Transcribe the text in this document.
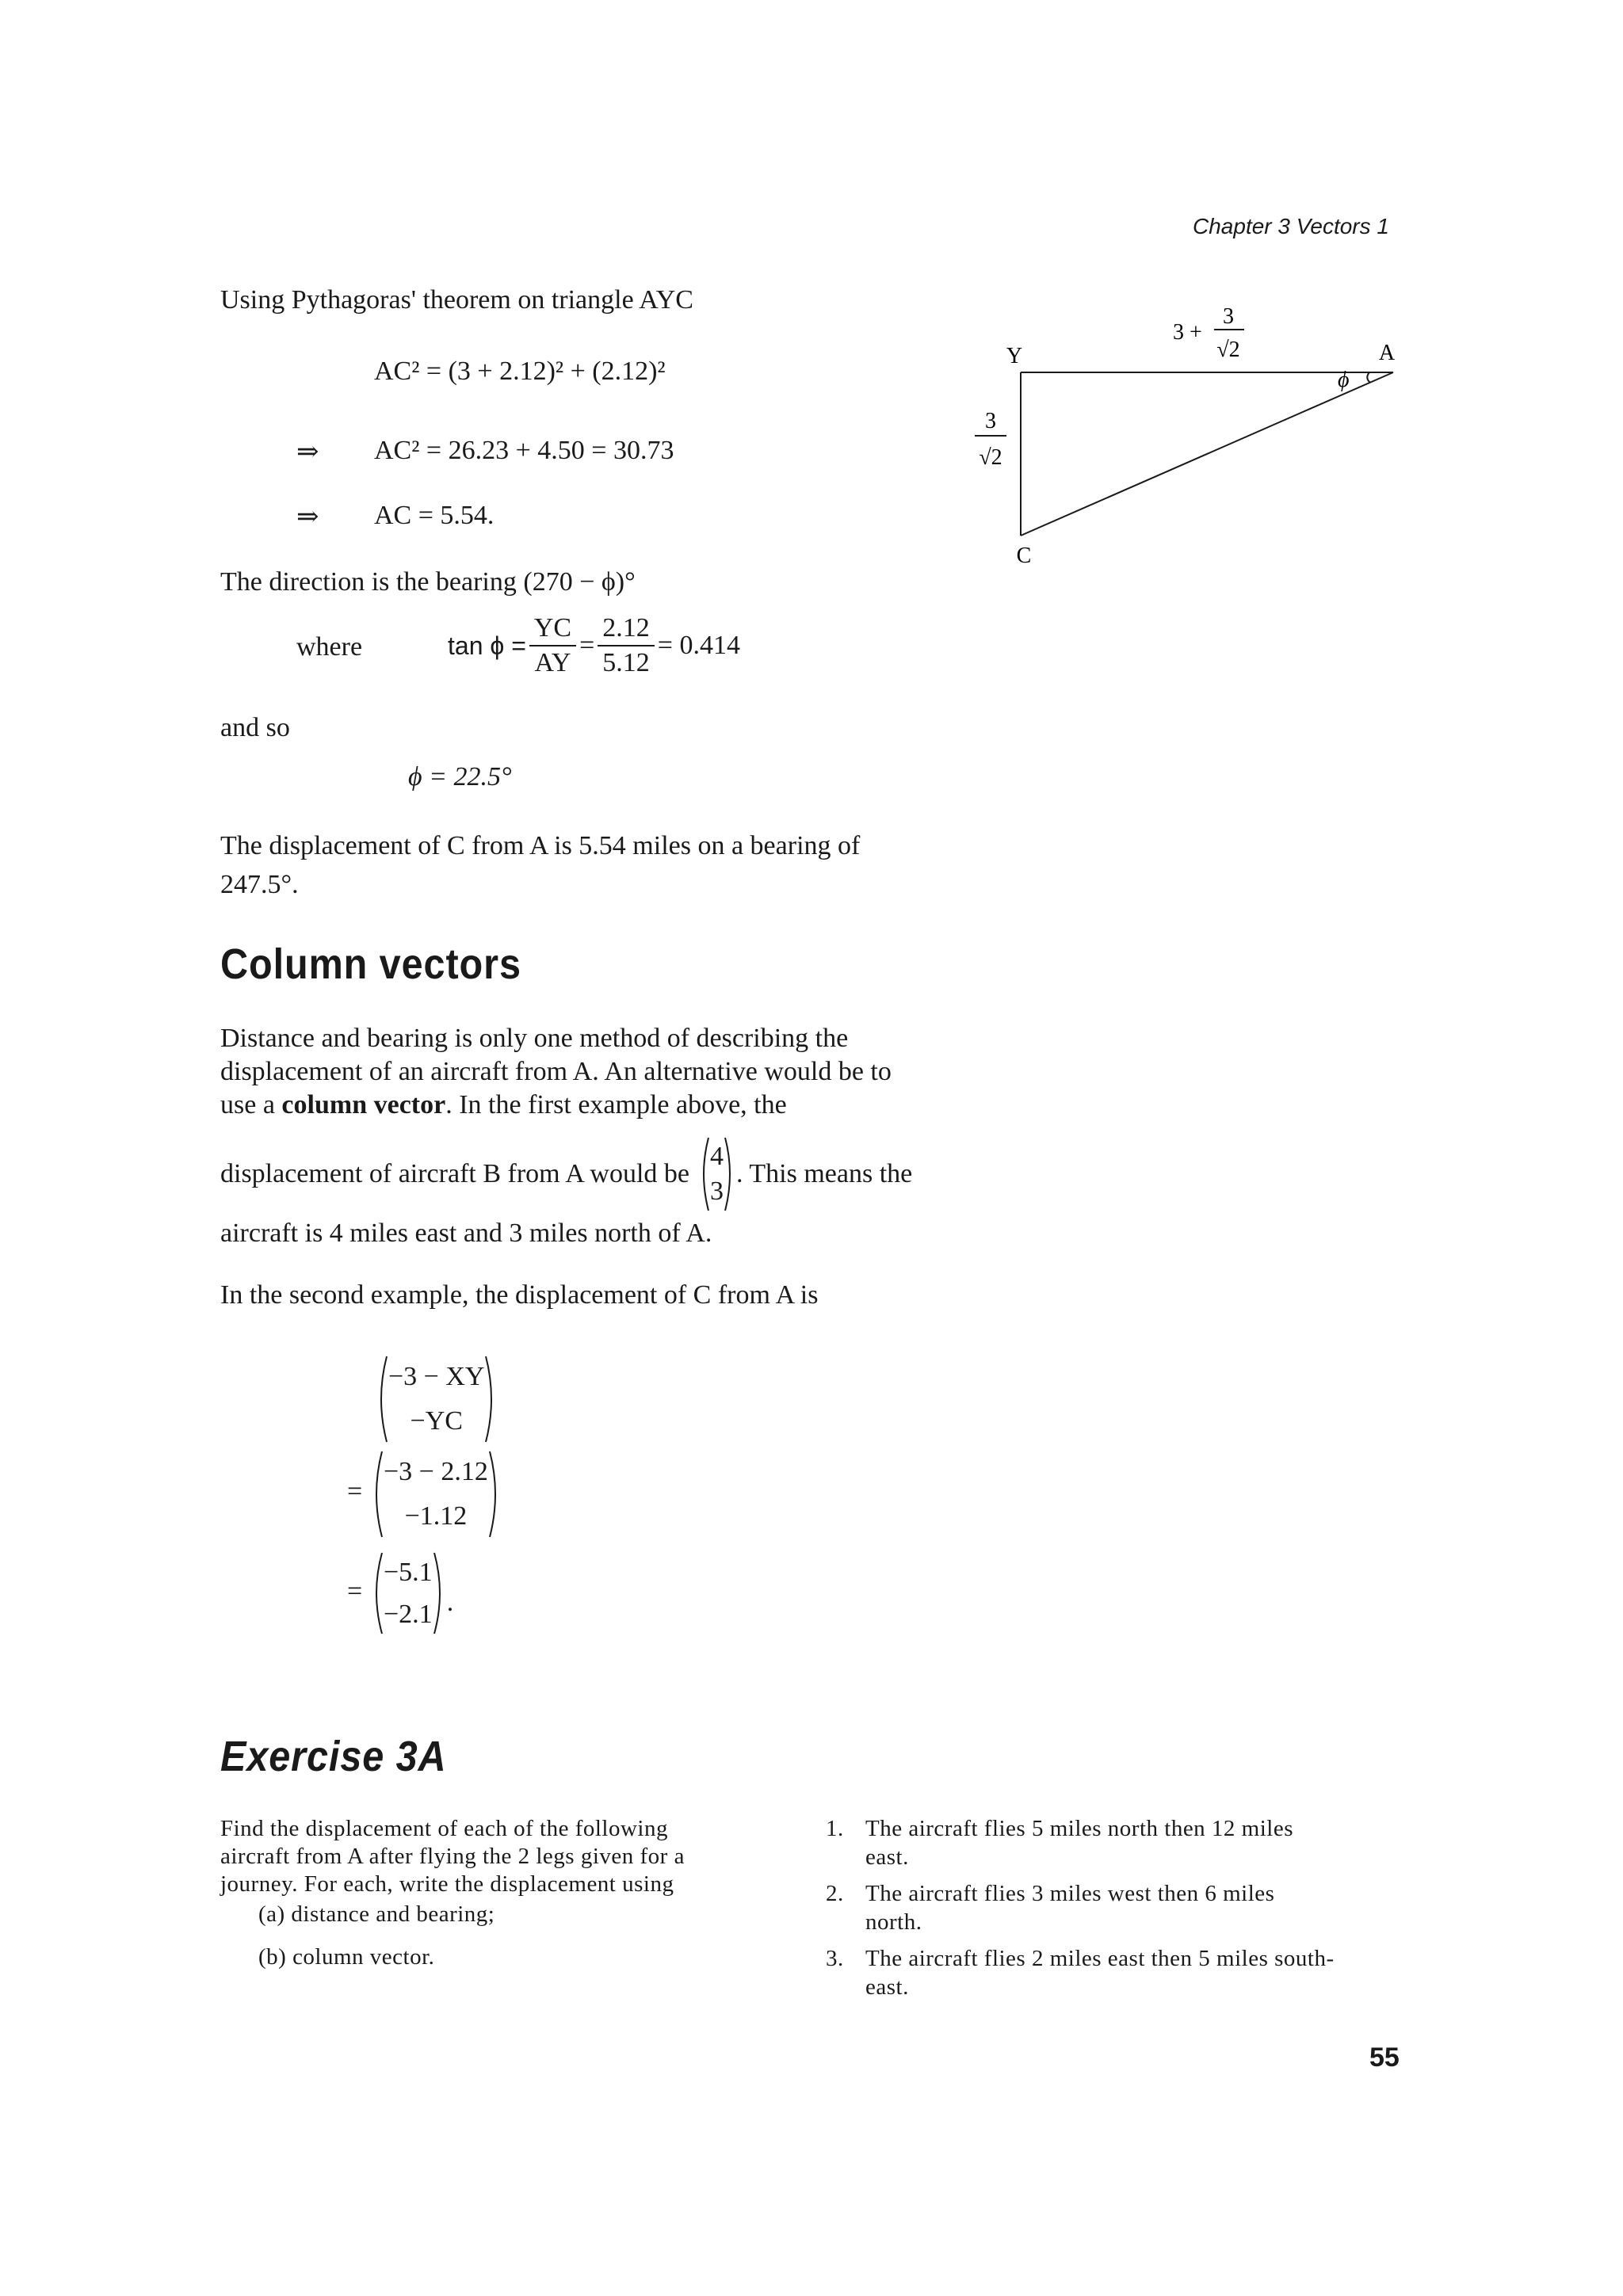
Chapter 3 Vectors 1
Using Pythagoras' theorem on triangle AYC
AC² = (3 + 2.12)² + (2.12)²
⇒ AC² = 26.23 + 4.50 = 30.73
⇒ AC = 5.54.
The direction is the bearing (270 − ϕ)°
where	$\tan \phi = \frac{YC}{AY} = \frac{2.12}{5.12} = 0.414$
and so
ϕ = 22.5°
The displacement of C from A is 5.54 miles on a bearing of
247.5°.
Column vectors
Distance and bearing is only one method of describing the
displacement of an aircraft from A. An alternative would be to
use a column vector. In the first example above, the
displacement of aircraft B from A would be
4
3
. This means the
aircraft is 4 miles east and 3 miles north of A.
In the second example, the displacement of C from A is
−3 − XY
−YC
=
−3 − 2.12
−1.12
=
−5.1
−2.1 .
Y	A
C
ϕ
3 +
3
√2
3
√2
Exercise 3A
Find the displacement of each of the following
aircraft from A after flying the 2 legs given for a
journey. For each, write the displacement using
(a) distance and bearing;
(b) column vector.
1. The aircraft flies 5 miles north then 12 miles
east.
2. The aircraft flies 3 miles west then 6 miles
north.
3. The aircraft flies 2 miles east then 5 miles south-
east.
55
